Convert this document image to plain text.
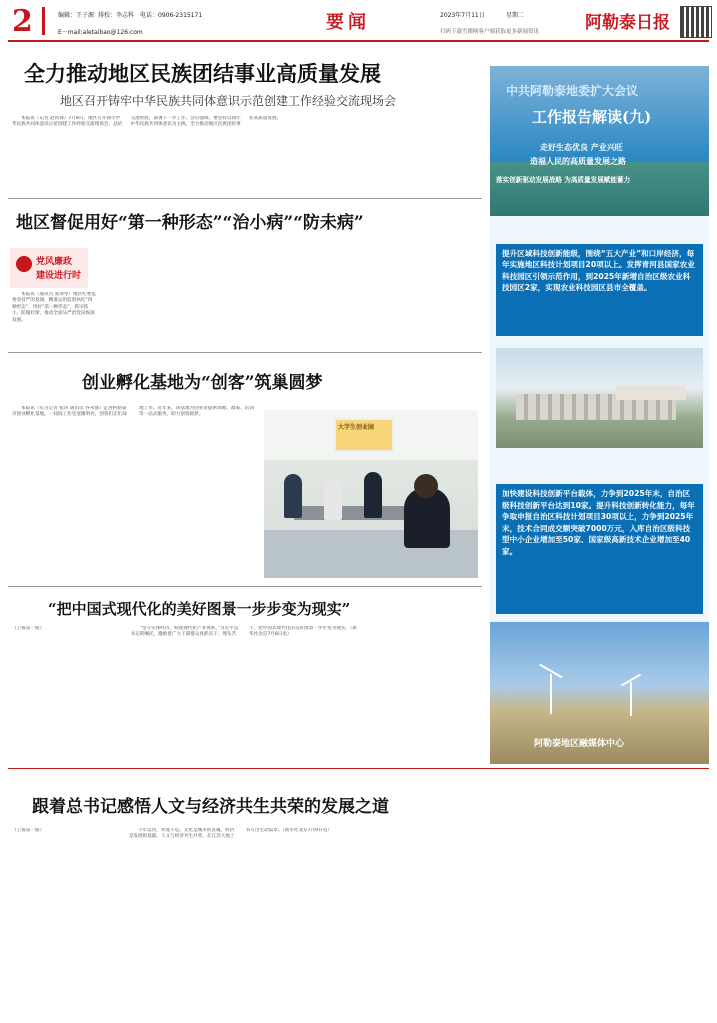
2	编辑：王子源 排校：李志科 电话：0906-2315171
E－mail:aletaibao@126.com	要闻	2023年7月11日	星期二	阿勒泰日报
扫码下载雪都喀客户端获取更多新闻资讯
全力推动地区民族团结事业高质量发展
地区召开铸牢中华民族共同体意识示范创建工作经验交流现场会

本报讯（记者 赵铁锋）7月8日，地区召开铸牢中华民族共同体意识示范创建工作经验交流现场会，总结交流经验，部署下一步工作。会议强调，要坚持以铸牢中华民族共同体意识为主线，全力推动地区民族团结事业高质量发展。

地区督促用好“第一种形态”“治小病”“防未病”
党风廉政
建设进行时

本报讯（通讯员 张冰琴）地区纪委监委坚持严的基调，精准运用监督执纪“四种形态”，用好“第一种形态”，抓早抓小、防微杜渐，推动全面从严治党向纵深发展。

创业孵化基地为“创客”筑巢圆梦

本报讯（实习记者 张涛 通讯员 谷永强）走进阿勒泰市创业孵化基地，一间间工作室宽敞明亮，创客们正忙碌地工作。近年来，该基地为创业者提供场地、政策、培训等一站式服务，助力创客圆梦。

大学生创业园
“把中国式现代化的美好图景一步步变为现实”

（上接第一版）	“坚守实体经济，构建现代化产业体系。”习近平总书记的嘱托，激励着广大干部群众真抓实干、埋头苦干，把中国式现代化的美好图景一步步变为现实。（新华社北京7月8日电）

跟着总书记感悟人文与经济共生共荣的发展之道

（上接第一版）	千年运河，奔流不息。文化是城市的灵魂，经济是发展的基础。人文与经济共生共荣，在江苏大地上书写出生动篇章。（新华社北京7月9日电）

中共阿勒泰地委扩大会议
工作报告解读(九)
走好生态优良 产业兴旺
造福人民的高质量发展之路
落实创新驱动发展战略 为高质量发展赋能蓄力
提升区域科技创新能级，围绕“五大产业”和口岸经济，每年实施地区科技计划项目20项以上。发挥青河县国家农业科技园区引领示范作用，到2025年新增自治区级农业科技园区2家，实现农业科技园区县市全覆盖。
加快建设科技创新平台载体，力争到2025年末，自治区级科技创新平台达到10家。提升科技创新转化能力，每年争取申报自治区科技计划项目30项以上，力争到2025年末，技术合同成交额突破7000万元，入库自治区级科技型中小企业增加至50家、国家级高新技术企业增加至40家。
阿勒泰地区融媒体中心
